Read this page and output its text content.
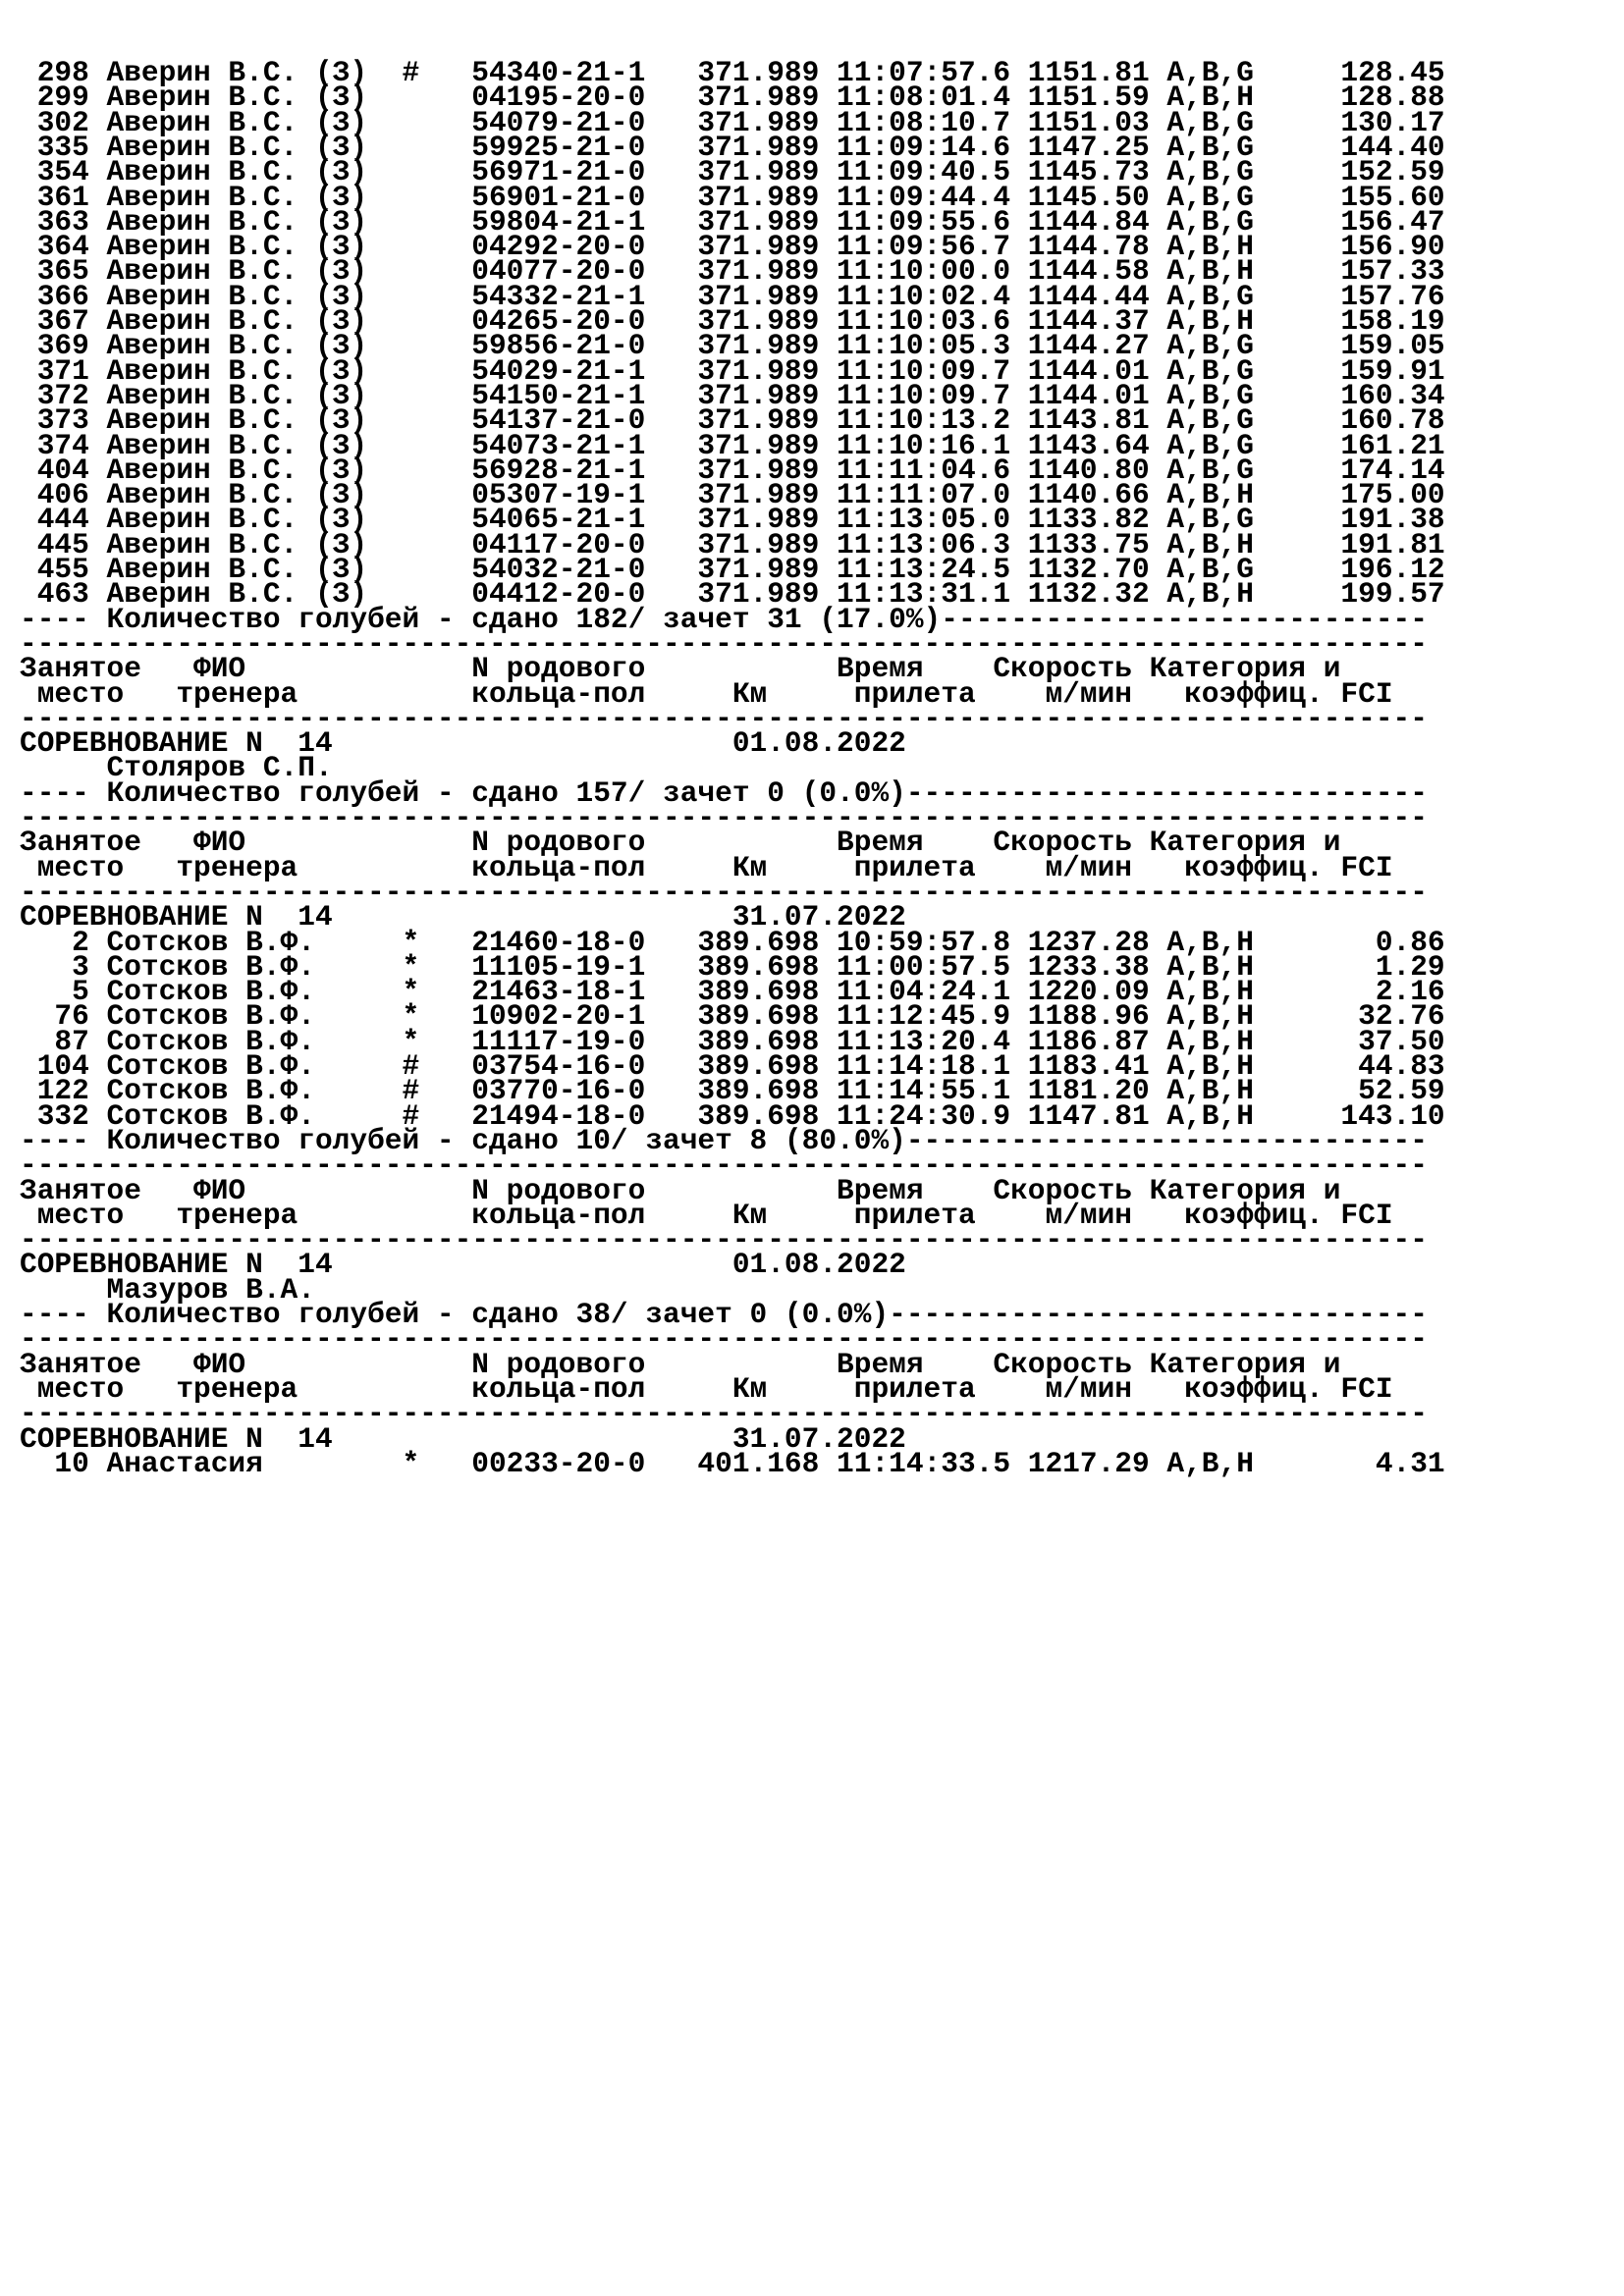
298 Аверин В.С. (З)  #   54340-21-1   371.989 11:07:57.6 1151.81 A,B,G     128.45

299 Аверин В.С. (З)      04195-20-0   371.989 11:08:01.4 1151.59 A,B,H     128.88

302 Аверин В.С. (З)      54079-21-0   371.989 11:08:10.7 1151.03 A,B,G     130.17

335 Аверин В.С. (З)      59925-21-0   371.989 11:09:14.6 1147.25 A,B,G     144.40

354 Аверин В.С. (З)      56971-21-0   371.989 11:09:40.5 1145.73 A,B,G     152.59

361 Аверин В.С. (З)      56901-21-0   371.989 11:09:44.4 1145.50 A,B,G     155.60

363 Аверин В.С. (З)      59804-21-1   371.989 11:09:55.6 1144.84 A,B,G     156.47

364 Аверин В.С. (З)      04292-20-0   371.989 11:09:56.7 1144.78 A,B,H     156.90

365 Аверин В.С. (З)      04077-20-0   371.989 11:10:00.0 1144.58 A,B,H     157.33

366 Аверин В.С. (З)      54332-21-1   371.989 11:10:02.4 1144.44 A,B,G     157.76

367 Аверин В.С. (З)      04265-20-0   371.989 11:10:03.6 1144.37 A,B,H     158.19

369 Аверин В.С. (З)      59856-21-0   371.989 11:10:05.3 1144.27 A,B,G     159.05

371 Аверин В.С. (З)      54029-21-1   371.989 11:10:09.7 1144.01 A,B,G     159.91

372 Аверин В.С. (З)      54150-21-1   371.989 11:10:09.7 1144.01 A,B,G     160.34

373 Аверин В.С. (З)      54137-21-0   371.989 11:10:13.2 1143.81 A,B,G     160.78

374 Аверин В.С. (З)      54073-21-1   371.989 11:10:16.1 1143.64 A,B,G     161.21

404 Аверин В.С. (З)      56928-21-1   371.989 11:11:04.6 1140.80 A,B,G     174.14

406 Аверин В.С. (З)      05307-19-1   371.989 11:11:07.0 1140.66 A,B,H     175.00

444 Аверин В.С. (З)      54065-21-1   371.989 11:13:05.0 1133.82 A,B,G     191.38

445 Аверин В.С. (З)      04117-20-0   371.989 11:13:06.3 1133.75 A,B,H     191.81

455 Аверин В.С. (З)      54032-21-0   371.989 11:13:24.5 1132.70 A,B,G     196.12

463 Аверин В.С. (З)      04412-20-0   371.989 11:13:31.1 1132.32 A,B,H     199.57

---- Количество голубей - сдано 182/ зачет 31 (17.0%)----------------------------

---------------------------------------------------------------------------------

Занятое   ФИО             N родового           Время    Скорость Категория и

место   тренера          кольца-пол     Км     прилета    м/мин   коэффиц. FCI

---------------------------------------------------------------------------------

СОРЕВНОВАНИЕ N  14                       01.08.2022

Столяров С.П.

---- Количество голубей - сдано 157/ зачет 0 (0.0%)------------------------------

---------------------------------------------------------------------------------

Занятое   ФИО             N родового           Время    Скорость Категория и

место   тренера          кольца-пол     Км     прилета    м/мин   коэффиц. FCI

---------------------------------------------------------------------------------

СОРЕВНОВАНИЕ N  14                       31.07.2022

2 Сотсков В.Ф.     *   21460-18-0   389.698 10:59:57.8 1237.28 A,B,H       0.86

3 Сотсков В.Ф.     *   11105-19-1   389.698 11:00:57.5 1233.38 A,B,H       1.29

5 Сотсков В.Ф.     *   21463-18-1   389.698 11:04:24.1 1220.09 A,B,H       2.16

76 Сотсков В.Ф.     *   10902-20-1   389.698 11:12:45.9 1188.96 A,B,H      32.76

87 Сотсков В.Ф.     *   11117-19-0   389.698 11:13:20.4 1186.87 A,B,H      37.50

104 Сотсков В.Ф.     #   03754-16-0   389.698 11:14:18.1 1183.41 A,B,H      44.83

122 Сотсков В.Ф.     #   03770-16-0   389.698 11:14:55.1 1181.20 A,B,H      52.59

332 Сотсков В.Ф.     #   21494-18-0   389.698 11:24:30.9 1147.81 A,B,H     143.10

---- Количество голубей - сдано 10/ зачет 8 (80.0%)------------------------------

---------------------------------------------------------------------------------

Занятое   ФИО             N родового           Время    Скорость Категория и

место   тренера          кольца-пол     Км     прилета    м/мин   коэффиц. FCI

---------------------------------------------------------------------------------

СОРЕВНОВАНИЕ N  14                       01.08.2022

Мазуров В.А.

---- Количество голубей - сдано 38/ зачет 0 (0.0%)-------------------------------

---------------------------------------------------------------------------------

Занятое   ФИО             N родового           Время    Скорость Категория и

место   тренера          кольца-пол     Км     прилета    м/мин   коэффиц. FCI

---------------------------------------------------------------------------------

СОРЕВНОВАНИЕ N  14                       31.07.2022

10 Анастасия        *   00233-20-0   401.168 11:14:33.5 1217.29 A,B,H       4.31
